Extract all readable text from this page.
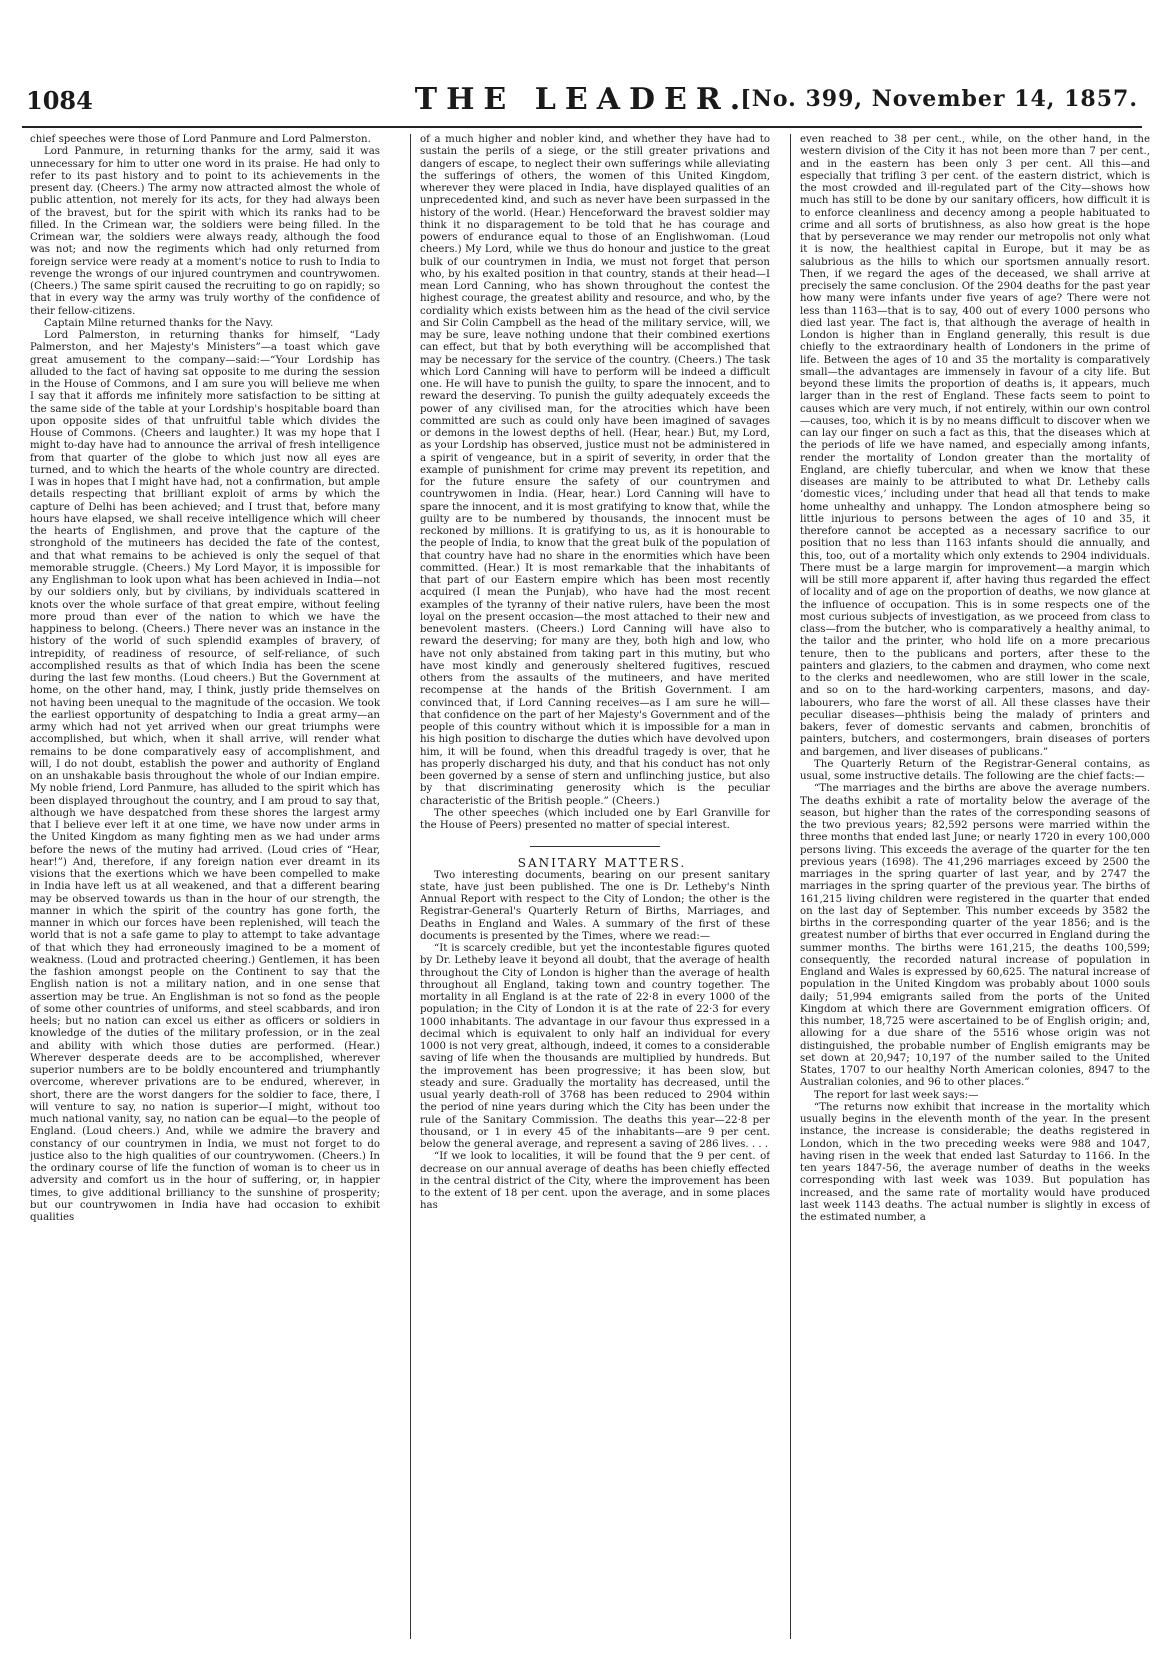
1084	THE LEADER.
[No. 399, November 14, 1857.

chief speeches were those of Lord Panmure and Lord Palmerston.

Lord Panmure, in returning thanks for the army, said it was unnecessary for him to utter one word in its praise. He had only to refer to its past history and to point to its achievements in the present day. (Cheers.) The army now attracted almost the whole of public attention, not merely for its acts, for they had always been of the bravest, but for the spirit with which its ranks had to be filled. In the Crimean war, the soldiers were being filled. In the Crimean war, the soldiers were always ready, although the food was not; and now the regiments which had only returned from foreign service were ready at a moment's notice to rush to India to revenge the wrongs of our injured countrymen and countrywomen. (Cheers.) The same spirit caused the recruiting to go on rapidly; so that in every way the army was truly worthy of the confidence of their fellow-citizens.

Captain Milne returned thanks for the Navy.

Lord Palmerston, in returning thanks for himself, “Lady Palmerston, and her Majesty's Ministers”—a toast which gave great amusement to the company—said:—“Your Lordship has alluded to the fact of having sat opposite to me during the session in the House of Commons, and I am sure you will believe me when I say that it affords me infinitely more satisfaction to be sitting at the same side of the table at your Lordship's hospitable board than upon opposite sides of that unfruitful table which divides the House of Commons. (Cheers and laughter.) It was my hope that I might to-day have had to announce the arrival of fresh intelligence from that quarter of the globe to which just now all eyes are turned, and to which the hearts of the whole country are directed. I was in hopes that I might have had, not a confirmation, but ample details respecting that brilliant exploit of arms by which the capture of Delhi has been achieved; and I trust that, before many hours have elapsed, we shall receive intelligence which will cheer the hearts of Englishmen, and prove that the capture of the stronghold of the mutineers has decided the fate of the contest, and that what remains to be achieved is only the sequel of that memorable struggle. (Cheers.) My Lord Mayor, it is impossible for any Englishman to look upon what has been achieved in India—not by our soldiers only, but by civilians, by individuals scattered in knots over the whole surface of that great empire, without feeling more proud than ever of the nation to which we have the happiness to belong. (Cheers.) There never was an instance in the history of the world of such splendid examples of bravery, of intrepidity, of readiness of resource, of self-reliance, of such accomplished results as that of which India has been the scene during the last few months. (Loud cheers.) But the Government at home, on the other hand, may, I think, justly pride themselves on not having been unequal to the magnitude of the occasion. We took the earliest opportunity of despatching to India a great army—an army which had not yet arrived when our great triumphs were accomplished, but which, when it shall arrive, will render what remains to be done comparatively easy of accomplishment, and will, I do not doubt, establish the power and authority of England on an unshakable basis throughout the whole of our Indian empire. My noble friend, Lord Panmure, has alluded to the spirit which has been displayed throughout the country, and I am proud to say that, although we have despatched from these shores the largest army that I believe ever left it at one time, we have now under arms in the United Kingdom as many fighting men as we had under arms before the news of the mutiny had arrived. (Loud cries of “Hear, hear!”) And, therefore, if any foreign nation ever dreamt in its visions that the exertions which we have been compelled to make in India have left us at all weakened, and that a different bearing may be observed towards us than in the hour of our strength, the manner in which the spirit of the country has gone forth, the manner in which our forces have been replenished, will teach the world that is not a safe game to play to attempt to take advantage of that which they had erroneously imagined to be a moment of weakness. (Loud and protracted cheering.) Gentlemen, it has been the fashion amongst people on the Continent to say that the English nation is not a military nation, and in one sense that assertion may be true. An Englishman is not so fond as the people of some other countries of uniforms, and steel scabbards, and iron heels; but no nation can excel us either as officers or soldiers in knowledge of the duties of the military profession, or in the zeal and ability with which those duties are performed. (Hear.) Wherever desperate deeds are to be accomplished, wherever superior numbers are to be boldly encountered and triumphantly overcome, wherever privations are to be endured, wherever, in short, there are the worst dangers for the soldier to face, there, I will venture to say, no nation is superior—I might, without too much national vanity, say, no nation can be equal—to the people of England. (Loud cheers.) And, while we admire the bravery and constancy of our countrymen in India, we must not forget to do justice also to the high qualities of our countrywomen. (Cheers.) In the ordinary course of life the function of woman is to cheer us in adversity and comfort us in the hour of suffering, or, in happier times, to give additional brilliancy to the sunshine of prosperity; but our countrywomen in India have had occasion to exhibit qualities

of a much higher and nobler kind, and whether they have had to sustain the perils of a siege, or the still greater privations and dangers of escape, to neglect their own sufferings while alleviating the sufferings of others, the women of this United Kingdom, wherever they were placed in India, have displayed qualities of an unprecedented kind, and such as never have been surpassed in the history of the world. (Hear.) Henceforward the bravest soldier may think it no disparagement to be told that he has courage and powers of endurance equal to those of an Englishwoman. (Loud cheers.) My Lord, while we thus do honour and justice to the great bulk of our countrymen in India, we must not forget that person who, by his exalted position in that country, stands at their head—I mean Lord Canning, who has shown throughout the contest the highest courage, the greatest ability and resource, and who, by the cordiality which exists between him as the head of the civil service and Sir Colin Campbell as the head of the military service, will, we may be sure, leave nothing undone that their combined exertions can effect, but that by both everything will be accomplished that may be necessary for the service of the country. (Cheers.) The task which Lord Canning will have to perform will be indeed a difficult one. He will have to punish the guilty, to spare the innocent, and to reward the deserving. To punish the guilty adequately exceeds the power of any civilised man, for the atrocities which have been committed are such as could only have been imagined of savages or demons in the lowest depths of hell. (Hear, hear.) But, my Lord, as your Lordship has observed, justice must not be administered in a spirit of vengeance, but in a spirit of severity, in order that the example of punishment for crime may prevent its repetition, and for the future ensure the safety of our countrymen and countrywomen in India. (Hear, hear.) Lord Canning will have to spare the innocent, and it is most gratifying to know that, while the guilty are to be numbered by thousands, the innocent must be reckoned by millions. It is gratifying to us, as it is honourable to the people of India, to know that the great bulk of the population of that country have had no share in the enormities which have been committed. (Hear.) It is most remarkable that the inhabitants of that part of our Eastern empire which has been most recently acquired (I mean the Punjab), who have had the most recent examples of the tyranny of their native rulers, have been the most loyal on the present occasion—the most attached to their new and benevolent masters. (Cheers.) Lord Canning will have also to reward the deserving; for many are they, both high and low, who have not only abstained from taking part in this mutiny, but who have most kindly and generously sheltered fugitives, rescued others from the assaults of the mutineers, and have merited recompense at the hands of the British Government. I am convinced that, if Lord Canning receives—as I am sure he will—that confidence on the part of her Majesty's Government and of the people of this country without which it is impossible for a man in his high position to discharge the duties which have devolved upon him, it will be found, when this dreadful tragedy is over, that he has properly discharged his duty, and that his conduct has not only been governed by a sense of stern and unflinching justice, but also by that discriminating generosity which is the peculiar characteristic of the British people.” (Cheers.)

The other speeches (which included one by Earl Granville for the House of Peers) presented no matter of special interest.

SANITARY MATTERS.

Two interesting documents, bearing on our present sanitary state, have just been published. The one is Dr. Letheby's Ninth Annual Report with respect to the City of London; the other is the Registrar-General's Quarterly Return of Births, Marriages, and Deaths in England and Wales. A summary of the first of these documents is presented by the Times, where we read:—

“It is scarcely credible, but yet the incontestable figures quoted by Dr. Letheby leave it beyond all doubt, that the average of health throughout the City of London is higher than the average of health throughout all England, taking town and country together. The mortality in all England is at the rate of 22·8 in every 1000 of the population; in the City of London it is at the rate of 22·3 for every 1000 inhabitants. The advantage in our favour thus expressed in a decimal which is equivalent to only half an individual for every 1000 is not very great, although, indeed, it comes to a considerable saving of life when the thousands are multiplied by hundreds. But the improvement has been progressive; it has been slow, but steady and sure. Gradually the mortality has decreased, until the usual yearly death-roll of 3768 has been reduced to 2904 within the period of nine years during which the City has been under the rule of the Sanitary Commission. The deaths this year—22·8 per thousand, or 1 in every 45 of the inhabitants—are 9 per cent. below the general average, and represent a saving of 286 lives. . . .

“If we look to localities, it will be found that the 9 per cent. of decrease on our annual average of deaths has been chiefly effected in the central district of the City, where the improvement has been to the extent of 18 per cent. upon the average, and in some places has

even reached to 38 per cent., while, on the other hand, in the western division of the City it has not been more than 7 per cent., and in the eastern has been only 3 per cent. All this—and especially that trifling 3 per cent. of the eastern district, which is the most crowded and ill-regulated part of the City—shows how much has still to be done by our sanitary officers, how difficult it is to enforce cleanliness and decency among a people habituated to crime and all sorts of brutishness, as also how great is the hope that by perseverance we may render our metropolis not only what it is now, the healthiest capital in Europe, but it may be as salubrious as the hills to which our sportsmen annually resort. Then, if we regard the ages of the deceased, we shall arrive at precisely the same conclusion. Of the 2904 deaths for the past year how many were infants under five years of age? There were not less than 1163—that is to say, 400 out of every 1000 persons who died last year. The fact is, that although the average of health in London is higher than in England generally, this result is due chiefly to the extraordinary health of Londoners in the prime of life. Between the ages of 10 and 35 the mortality is comparatively small—the advantages are immensely in favour of a city life. But beyond these limits the proportion of deaths is, it appears, much larger than in the rest of England. These facts seem to point to causes which are very much, if not entirely, within our own control—causes, too, which it is by no means difficult to discover when we can lay our finger on such a fact as this, that the diseases which at the periods of life we have named, and especially among infants, render the mortality of London greater than the mortality of England, are chiefly tubercular, and when we know that these diseases are mainly to be attributed to what Dr. Letheby calls ‘domestic vices,’ including under that head all that tends to make home unhealthy and unhappy. The London atmosphere being so little injurious to persons between the ages of 10 and 35, it therefore cannot be accepted as a necessary sacrifice to our position that no less than 1163 infants should die annually, and this, too, out of a mortality which only extends to 2904 individuals. There must be a large margin for improvement—a margin which will be still more apparent if, after having thus regarded the effect of locality and of age on the proportion of deaths, we now glance at the influence of occupation. This is in some respects one of the most curious subjects of investigation, as we proceed from class to class—from the butcher, who is comparatively a healthy animal, to the tailor and the printer, who hold life on a more precarious tenure, then to the publicans and porters, after these to the painters and glaziers, to the cabmen and draymen, who come next to the clerks and needlewomen, who are still lower in the scale, and so on to the hard-working carpenters, masons, and day-labourers, who fare the worst of all. All these classes have their peculiar diseases—phthisis being the malady of printers and bakers, fever of domestic servants and cabmen, bronchitis of painters, butchers, and costermongers, brain diseases of porters and bargemen, and liver diseases of publicans.”

The Quarterly Return of the Registrar-General contains, as usual, some instructive details. The following are the chief facts:—

“The marriages and the births are above the average numbers. The deaths exhibit a rate of mortality below the average of the season, but higher than the rates of the corresponding seasons of the two previous years; 82,592 persons were married within the three months that ended last June; or nearly 1720 in every 100,000 persons living. This exceeds the average of the quarter for the ten previous years (1698). The 41,296 marriages exceed by 2500 the marriages in the spring quarter of last year, and by 2747 the marriages in the spring quarter of the previous year. The births of 161,215 living children were registered in the quarter that ended on the last day of September. This number exceeds by 3582 the births in the corresponding quarter of the year 1856; and is the greatest number of births that ever occurred in England during the summer months. The births were 161,215, the deaths 100,599; consequently, the recorded natural increase of population in England and Wales is expressed by 60,625. The natural increase of population in the United Kingdom was probably about 1000 souls daily; 51,994 emigrants sailed from the ports of the United Kingdom at which there are Government emigration officers. Of this number, 18,725 were ascertained to be of English origin; and, allowing for a due share of the 5516 whose origin was not distinguished, the probable number of English emigrants may be set down at 20,947; 10,197 of the number sailed to the United States, 1707 to our healthy North American colonies, 8947 to the Australian colonies, and 96 to other places.”

The report for last week says:—

“The returns now exhibit that increase in the mortality which usually begins in the eleventh month of the year. In the present instance, the increase is considerable; the deaths registered in London, which in the two preceding weeks were 988 and 1047, having risen in the week that ended last Saturday to 1166. In the ten years 1847-56, the average number of deaths in the weeks corresponding with last week was 1039. But population has increased, and the same rate of mortality would have produced last week 1143 deaths. The actual number is slightly in excess of the estimated number, a
